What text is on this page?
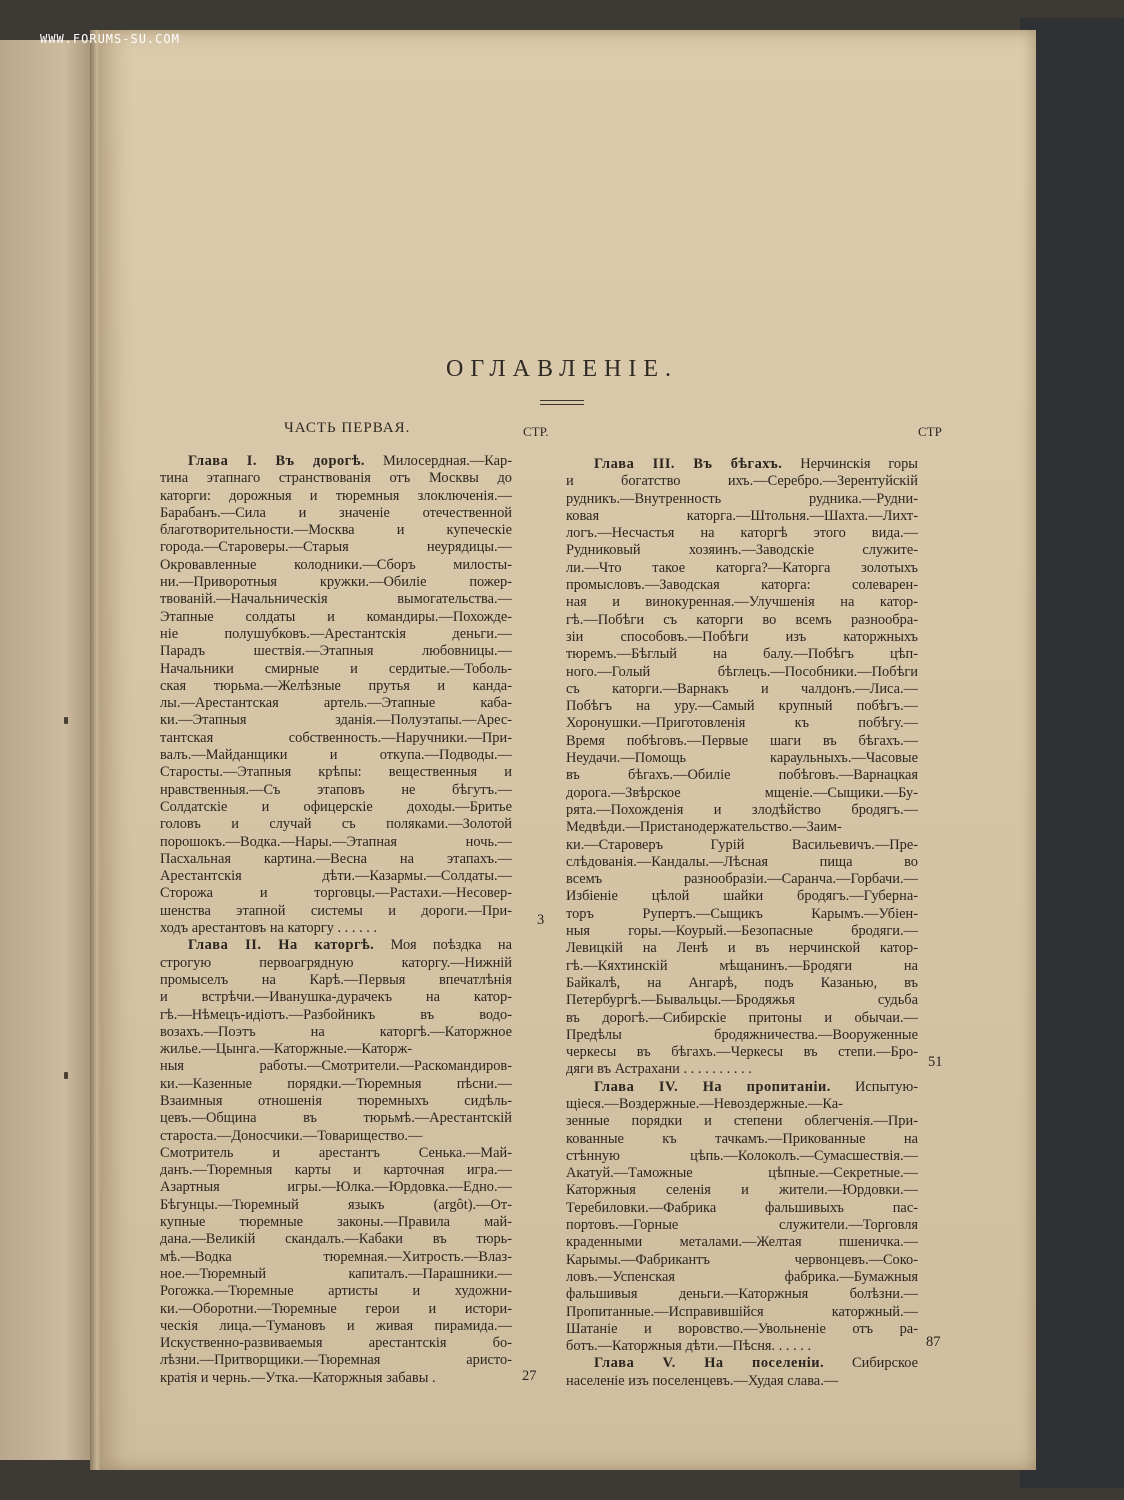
WWW.FORUMS-SU.COM
ОГЛАВЛЕНІЕ.
ЧАСТЬ ПЕРВАЯ.	СТР.	СТР
Глава I. Въ дорогѣ. Милосердная.—Кар-
тина этапнаго странствованія отъ Москвы до
каторги: дорожныя и тюремныя злоключенія.—
Барабанъ.—Сила и значеніе отечественной
благотворительности.—Москва и купеческіе
города.—Староверы.—Старыя неурядицы.—
Окровавленные колодники.—Сборъ милосты-
ни.—Приворотныя кружки.—Обиліе пожер-
твованій.—Начальническія вымогательства.—
Этапные солдаты и командиры.—Похожде-
ніе полушубковъ.—Арестантскія деньги.—
Парадъ шествія.—Этапныя любовницы.—
Начальники смирные и сердитые.—Тоболь-
ская тюрьма.—Желѣзные прутья и канда-
лы.—Арестантская артель.—Этапные каба-
ки.—Этапныя зданія.—Полуэтапы.—Арес-
тантская собственность.—Наручники.—При-
валъ.—Майданщики и откупа.—Подводы.—
Старосты.—Этапныя крѣпы: вещественныя и
нравственныя.—Съ этаповъ не бѣгутъ.—
Солдатскіе и офицерскіе доходы.—Бритье
головъ и случай съ поляками.—Золотой
порошокъ.—Водка.—Нары.—Этапная ночь.—
Пасхальная картина.—Весна на этапахъ.—
Арестантскія дѣти.—Казармы.—Солдаты.—
Сторожа и торговцы.—Растахи.—Несовер-
шенства этапной системы и дороги.—При-
ходъ арестантовъ на каторгу . . . . . .
Глава II. На каторгѣ. Моя поѣздка на
строгую первоагрядную каторгу.—Нижній
промыселъ на Карѣ.—Первыя впечатлѣнія
и встрѣчи.—Иванушка-дурачекъ на катор-
гѣ.—Нѣмецъ-идіотъ.—Разбойникъ въ водо-
возахъ.—Поэтъ на каторгѣ.—Каторжное
жилье.—Цынга.—Каторжные.—Каторж-
ныя работы.—Смотрители.—Раскомандиров-
ки.—Казенные порядки.—Тюремныя пѣсни.—
Взаимныя отношенія тюремныхъ сидѣль-
цевъ.—Община въ тюрьмѣ.—Арестантскій
староста.—Доносчики.—Товарищество.—
Смотритель и арестантъ Сенька.—Май-
данъ.—Тюремныя карты и карточная игра.—
Азартныя игры.—Юлка.—Юрдовка.—Едно.—
Бѣгунцы.—Тюремный языкъ (argôt).—От-
купные тюремные законы.—Правила май-
дана.—Великій скандалъ.—Кабаки въ тюрь-
мѣ.—Водка тюремная.—Хитрость.—Влаз-
ное.—Тюремный капиталъ.—Парашники.—
Рогожка.—Тюремные артисты и художни-
ки.—Оборотни.—Тюремные герои и истори-
ческія лица.—Тумановъ и живая пирамида.—
Искуственно-развиваемыя арестантскія бо-
лѣзни.—Притворщики.—Тюремная аристо-
кратія и чернь.—Утка.—Каторжныя забавы .
Глава III. Въ бѣгахъ. Нерчинскія горы
и богатство ихъ.—Серебро.—Зерентуйскій
рудникъ.—Внутренность рудника.—Рудни-
ковая каторга.—Штольня.—Шахта.—Лихт-
логъ.—Несчастья на каторгѣ этого вида.—
Рудниковый хозяинъ.—Заводскіе служите-
ли.—Что такое каторга?—Каторга золотыхъ
промысловъ.—Заводская каторга: солеварен-
ная и винокуренная.—Улучшенія на катор-
гѣ.—Побѣги съ каторги во всемъ разнообра-
зіи способовъ.—Побѣги изъ каторжныхъ
тюремъ.—Бѣглый на балу.—Побѣгъ цѣп-
ного.—Голый бѣглецъ.—Пособники.—Побѣги
съ каторги.—Варнакъ и чалдонъ.—Лиса.—
Побѣгъ на уру.—Самый крупный побѣгъ.—
Хоронушки.—Приготовленія къ побѣгу.—
Время побѣговъ.—Первые шаги въ бѣгахъ.—
Неудачи.—Помощь караульныхъ.—Часовые
въ бѣгахъ.—Обиліе побѣговъ.—Варнацкая
дорога.—Звѣрское мщеніе.—Сыщики.—Бу-
рята.—Похожденія и злодѣйство бродягъ.—
Медвѣди.—Пристанодержательство.—Заим-
ки.—Староверъ Гурій Васильевичъ.—Пре-
слѣдованія.—Кандалы.—Лѣсная пища во
всемъ разнообразіи.—Саранча.—Горбачи.—
Избіеніе цѣлой шайки бродягъ.—Губерна-
торъ Рупертъ.—Сыщикъ Карымъ.—Убіен-
ныя горы.—Коурый.—Безопасные бродяги.—
Левицкій на Ленѣ и въ нерчинской катор-
гѣ.—Кяхтинскій мѣщанинъ.—Бродяги на
Байкалѣ, на Ангарѣ, подъ Казанью, въ
Петербургѣ.—Бывальцы.—Бродяжья судьба
въ дорогѣ.—Сибирскіе притоны и обычаи.—
Предѣлы бродяжничества.—Вооруженные
черкесы въ бѣгахъ.—Черкесы въ степи.—Бро-
дяги въ Астрахани . . . . . . . . . .
Глава IV. На пропитаніи. Испытую-
щіеся.—Воздержные.—Невоздержные.—Ка-
зенные порядки и степени облегченія.—При-
кованные къ тачкамъ.—Прикованные на
стѣнную цѣпь.—Колоколъ.—Сумасшествія.—
Акатуй.—Таможные цѣпные.—Секретные.—
Каторжныя селенія и жители.—Юрдовки.—
Теребиловки.—Фабрика фальшивыхъ пас-
портовъ.—Горные служители.—Торговля
краденными металами.—Желтая пшеничка.—
Карымы.—Фабрикантъ червонцевъ.—Соко-
ловъ.—Успенская фабрика.—Бумажныя
фальшивыя деньги.—Каторжныя болѣзни.—
Пропитанные.—Исправившійся каторжный.—
Шатаніе и воровство.—Увольненіе отъ ра-
ботъ.—Каторжныя дѣти.—Пѣсня. . . . . .
Глава V. На поселеніи. Сибирское
населеніе изъ поселенцевъ.—Худая слава.—
3
27
51
87
